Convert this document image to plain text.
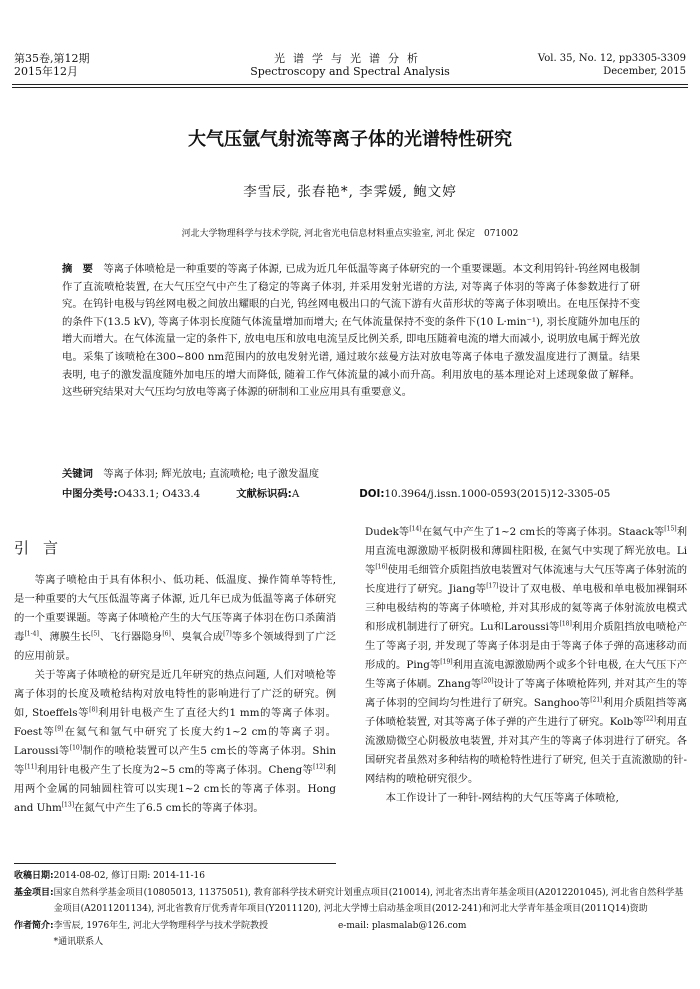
第35卷,第12期
2015年12月
光谱学与光谱分析
Spectroscopy and Spectral Analysis
Vol. 35, No. 12, pp3305-3309
December, 2015
大气压氩气射流等离子体的光谱特性研究
李雪辰, 张春艳*, 李霁媛, 鲍文婷
河北大学物理科学与技术学院, 河北省光电信息材料重点实验室, 河北 保定　071002

摘　要　 等离子体喷枪是一种重要的等离子体源, 已成为近几年低温等离子体研究的一个重要课题。本文利用钨针-钨丝网电极制作了直流喷枪装置, 在大气压空气中产生了稳定的等离子体羽, 并采用发射光谱的方法, 对等离子体羽的等离子体参数进行了研究。在钨针电极与钨丝网电极之间放出耀眼的白光, 钨丝网电极出口的气流下游有火苗形状的等离子体羽喷出。在电压保持不变的条件下(13.5 kV), 等离子体羽长度随气体流量增加而增大; 在气体流量保持不变的条件下(10 L·min⁻¹), 羽长度随外加电压的增大而增大。在气体流量一定的条件下, 放电电压和放电电流呈反比例关系, 即电压随着电流的增大而减小, 说明放电属于辉光放电。采集了该喷枪在300~800 nm范围内的放电发射光谱, 通过玻尔兹曼方法对放电等离子体电子激发温度进行了测量。结果表明, 电子的激发温度随外加电压的增大而降低, 随着工作气体流量的减小而升高。利用放电的基本理论对上述现象做了解释。这些研究结果对大气压均匀放电等离子体源的研制和工业应用具有重要意义。

关键词　 等离子体羽; 辉光放电; 直流喷枪; 电子激发温度
中图分类号:O433.1; O433.4	文献标识码:A	DOI:10.3964/j.issn.1000-0593(2015)12-3305-05
引言

等离子喷枪由于具有体积小、低功耗、低温度、操作简单等特性, 是一种重要的大气压低温等离子体源, 近几年已成为低温等离子体研究的一个重要课题。等离子体喷枪产生的大气压等离子体羽在伤口杀菌消毒[1-4]、薄膜生长[5]、飞行器隐身[6]、臭氧合成[7]等多个领域得到了广泛的应用前景。

关于等离子体喷枪的研究是近几年研究的热点问题, 人们对喷枪等离子体羽的长度及喷枪结构对放电特性的影响进行了广泛的研究。例如, Stoeffels等[8]利用针电极产生了直径大约1 mm的等离子体羽。Foest等[9]在氦气和氩气中研究了长度大约1~2 cm的等离子羽。Laroussi等[10]制作的喷枪装置可以产生5 cm长的等离子体羽。Shin等[11]利用针电极产生了长度为2~5 cm的等离子体羽。Cheng等[12]利用两个金属的同轴圆柱管可以实现1~2 cm长的等离子体羽。Hong and Uhm[13]在氮气中产生了6.5 cm长的等离子体羽。

Dudek等[14]在氦气中产生了1~2 cm长的等离子体羽。Staack等[15]利用直流电源激励平板阴极和薄圆柱阳极, 在氮气中实现了辉光放电。Li等[16]使用毛细管介质阻挡放电装置对气体流速与大气压等离子体射流的长度进行了研究。Jiang等[17]设计了双电极、单电极和单电极加裸铜环三种电极结构的等离子体喷枪, 并对其形成的氦等离子体射流放电模式和形成机制进行了研究。Lu和Laroussi等[18]利用介质阻挡放电喷枪产生了等离子羽, 并发现了等离子体羽是由于等离子体子弹的高速移动而形成的。Ping等[19]利用直流电源激励两个或多个针电极, 在大气压下产生等离子体刷。Zhang等[20]设计了等离子体喷枪阵列, 并对其产生的等离子体羽的空间均匀性进行了研究。Sanghoo等[21]利用介质阻挡等离子体喷枪装置, 对其等离子体子弹的产生进行了研究。Kolb等[22]利用直流激励微空心阴极放电装置, 并对其产生的等离子体羽进行了研究。各国研究者虽然对多种结构的喷枪特性进行了研究, 但关于直流激励的针-网结构的喷枪研究很少。

本工作设计了一种针-网结构的大气压等离子体喷枪,

收稿日期: 2014-08-02, 修订日期: 2014-11-16
基金项目: 国家自然科学基金项目(10805013, 11375051), 教育部科学技术研究计划重点项目(210014), 河北省杰出青年基金项目(A2012201045), 河北省自然科学基金项目(A2011201134), 河北省教育厅优秀青年项目(Y2011120), 河北大学博士启动基金项目(2012-241)和河北大学青年基金项目(2011Q14)资助
作者简介: 李雪辰, 1976年生, 河北大学物理科学与技术学院教授	e-mail: plasmalab@126.com
*通讯联系人
